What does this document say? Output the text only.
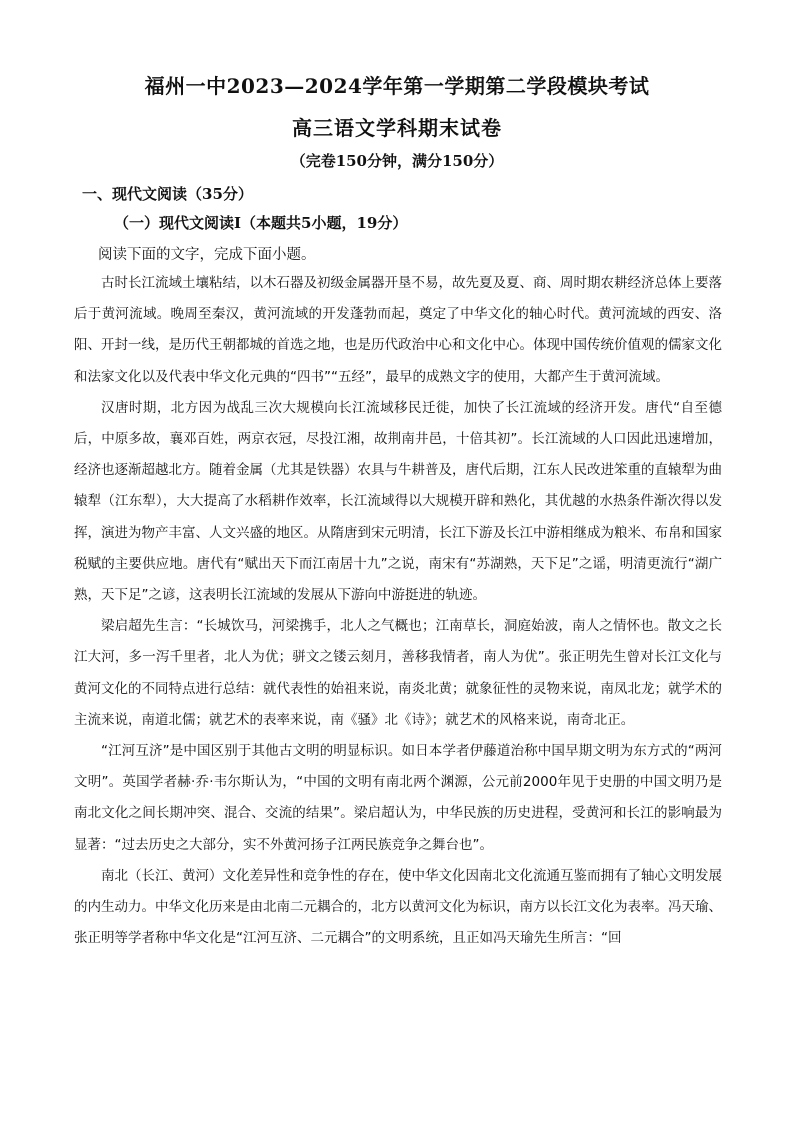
福州一中2023—2024学年第一学期第二学段模块考试
高三语文学科期末试卷
（完卷150分钟，满分150分）
一、现代文阅读（35分）
（一）现代文阅读Ⅰ（本题共5小题，19分）
阅读下面的文字，完成下面小题。

古时长江流域土壤粘结，以木石器及初级金属器开垦不易，故先夏及夏、商、周时期农耕经济总体上要落后于黄河流域。晚周至秦汉，黄河流域的开发蓬勃而起，奠定了中华文化的轴心时代。黄河流域的西安、洛阳、开封一线，是历代王朝都城的首选之地，也是历代政治中心和文化中心。体现中国传统价值观的儒家文化和法家文化以及代表中华文化元典的“四书”“五经”，最早的成熟文字的使用，大都产生于黄河流域。

汉唐时期，北方因为战乱三次大规模向长江流域移民迁徙，加快了长江流域的经济开发。唐代“自至德后，中原多故，襄邓百姓，两京衣冠，尽投江湘，故荆南井邑，十倍其初”。长江流域的人口因此迅速增加，经济也逐渐超越北方。随着金属（尤其是铁器）农具与牛耕普及，唐代后期，江东人民改进笨重的直辕犁为曲辕犁（江东犁），大大提高了水稻耕作效率，长江流域得以大规模开辟和熟化，其优越的水热条件渐次得以发挥，演进为物产丰富、人文兴盛的地区。从隋唐到宋元明清，长江下游及长江中游相继成为粮米、布帛和国家税赋的主要供应地。唐代有“赋出天下而江南居十九”之说，南宋有“苏湖熟，天下足”之谣，明清更流行“湖广熟，天下足”之谚，这表明长江流域的发展从下游向中游挺进的轨迹。

梁启超先生言：“长城饮马，河梁携手，北人之气概也；江南草长，洞庭始波，南人之情怀也。散文之长江大河，多一泻千里者，北人为优；骈文之镂云刻月，善移我情者，南人为优”。张正明先生曾对长江文化与黄河文化的不同特点进行总结：就代表性的始祖来说，南炎北黄；就象征性的灵物来说，南凤北龙；就学术的主流来说，南道北儒；就艺术的表率来说，南《骚》北《诗》；就艺术的风格来说，南奇北正。

“江河互济”是中国区别于其他古文明的明显标识。如日本学者伊藤道治称中国早期文明为东方式的“两河文明”。英国学者赫·乔·韦尔斯认为，“中国的文明有南北两个渊源，公元前2000年见于史册的中国文明乃是南北文化之间长期冲突、混合、交流的结果”。梁启超认为，中华民族的历史进程，受黄河和长江的影响最为显著：“过去历史之大部分，实不外黄河扬子江两民族竞争之舞台也”。

南北（长江、黄河）文化差异性和竞争性的存在，使中华文化因南北文化流通互鉴而拥有了轴心文明发展的内生动力。中华文化历来是由北南二元耦合的，北方以黄河文化为标识，南方以长江文化为表率。冯天瑜、张正明等学者称中华文化是“江河互济、二元耦合”的文明系统，且正如冯天瑜先生所言：“回
